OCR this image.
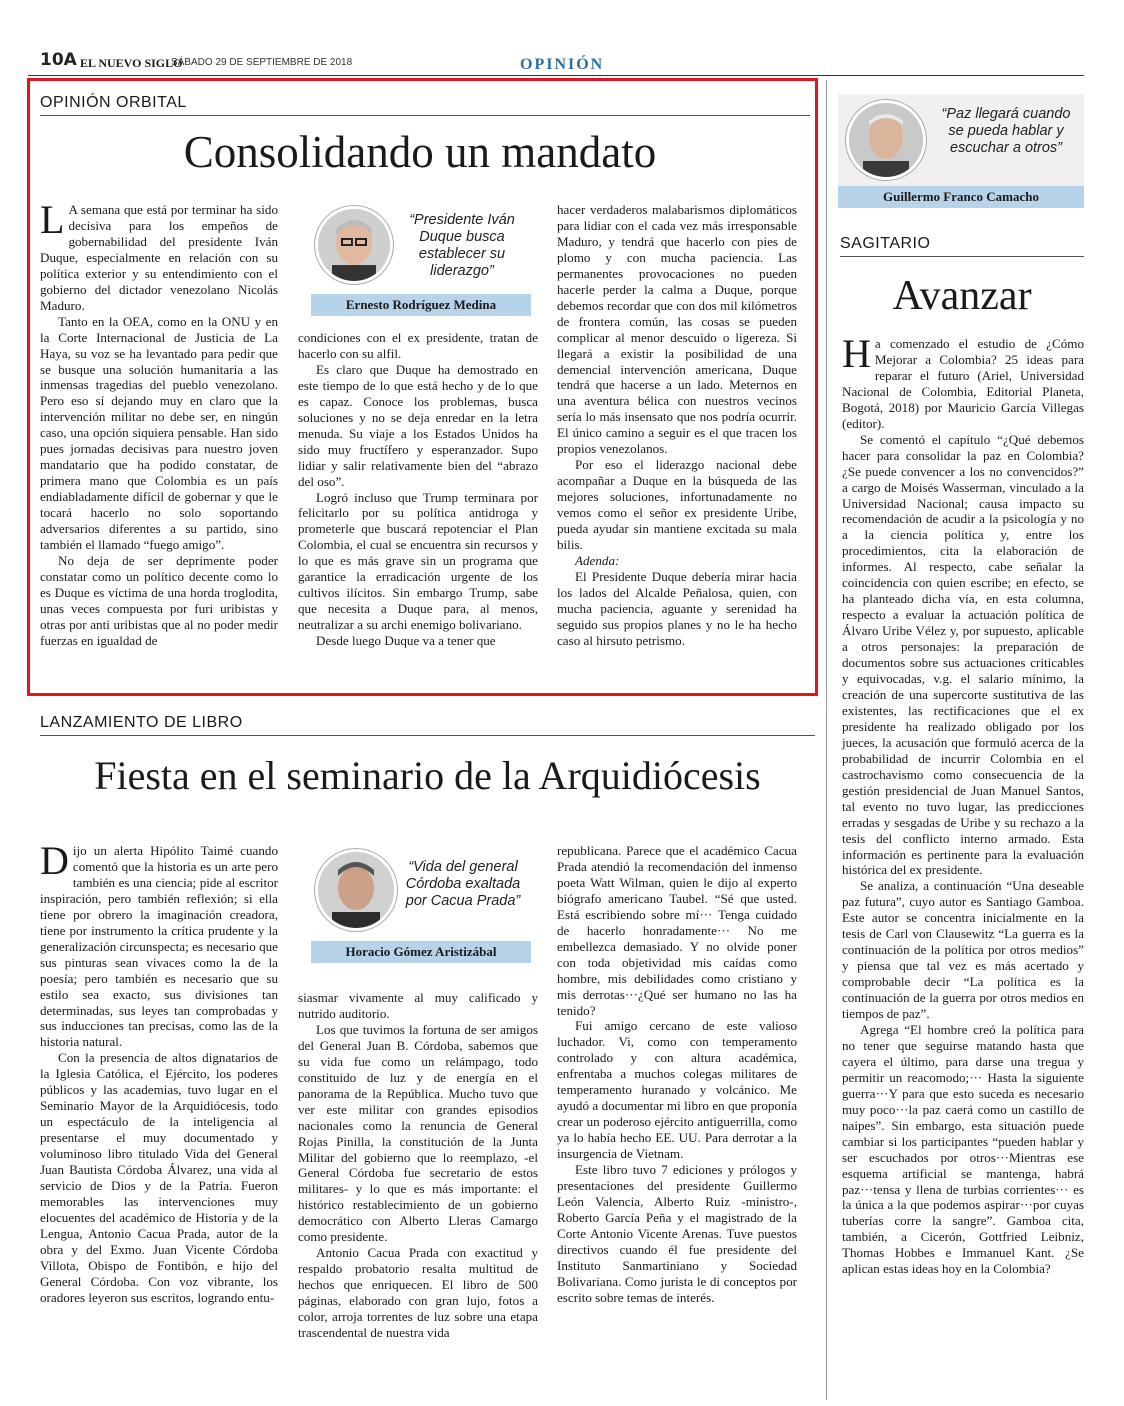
10A EL NUEVO SIGLO
SÁBADO 29 DE SEPTIEMBRE DE 2018	OPINIÓN
OPINIÓN ORBITAL
Consolidando un mandato

L A semana que está por terminar ha sido decisiva para los empeños de gobernabilidad del presidente Iván Duque, especialmente en relación con su política exterior y su entendimiento con el gobierno del dictador venezolano Nicolás Maduro.

Tanto en la OEA, como en la ONU y en la Corte Internacional de Justicia de La Haya, su voz se ha levantado para pedir que se busque una solución humanitaria a las inmensas tragedias del pueblo venezolano. Pero eso sí dejando muy en claro que la intervención militar no debe ser, en ningún caso, una opción siquiera pensable. Han sido pues jornadas decisivas para nuestro joven mandatario que ha podido constatar, de primera mano que Colombia es un país endiabladamente difícil de gobernar y que le tocará hacerlo no solo soportando adversarios diferentes a su partido, sino también el llamado “fuego amigo”.

No deja de ser deprimente poder constatar como un político decente como lo es Duque es víctima de una horda troglodita, unas veces compuesta por furi uribistas y otras por anti uribistas que al no poder medir fuerzas en igualdad de

“Presidente Iván Duque busca establecer su liderazgo”
Ernesto Rodríguez Medina

condiciones con el ex presidente, tratan de hacerlo con su alfil.

Es claro que Duque ha demostrado en este tiempo de lo que está hecho y de lo que es capaz. Conoce los problemas, busca soluciones y no se deja enredar en la letra menuda. Su viaje a los Estados Unidos ha sido muy fructífero y esperanzador. Supo lidiar y salir relativamente bien del “abrazo del oso”.

Logró incluso que Trump terminara por felicitarlo por su política antidroga y prometerle que buscará repotenciar el Plan Colombia, el cual se encuentra sin recursos y lo que es más grave sin un programa que garantice la erradicación urgente de los cultivos ilícitos. Sin embargo Trump, sabe que necesita a Duque para, al menos, neutralizar a su archi enemigo bolivariano.

Desde luego Duque va a tener que

hacer verdaderos malabarismos diplomáticos para lidiar con el cada vez más irresponsable Maduro, y tendrá que hacerlo con pies de plomo y con mucha paciencia. Las permanentes provocaciones no pueden hacerle perder la calma a Duque, porque debemos recordar que con dos mil kilómetros de frontera común, las cosas se pueden complicar al menor descuido o ligereza. Si llegará a existir la posibilidad de una demencial intervención americana, Duque tendrá que hacerse a un lado. Meternos en una aventura bélica con nuestros vecinos sería lo más insensato que nos podría ocurrir. El único camino a seguir es el que tracen los propios venezolanos.

Por eso el liderazgo nacional debe acompañar a Duque en la búsqueda de las mejores soluciones, infortunadamente no vemos como el señor ex presidente Uribe, pueda ayudar sin mantiene excitada su mala bilis.

Adenda:

El Presidente Duque debería mirar hacia los lados del Alcalde Peñalosa, quien, con mucha paciencia, aguante y serenidad ha seguido sus propios planes y no le ha hecho caso al hirsuto petrismo.

“Paz llegará cuando se pueda hablar y escuchar a otros”
Guillermo Franco Camacho
SAGITARIO
Avanzar

Ha comenzado el estudio de ¿Cómo Mejorar a Colombia? 25 ideas para reparar el futuro (Ariel, Universidad Nacional de Colombia, Editorial Planeta, Bogotá, 2018) por Mauricio García Villegas (editor).

Se comentó el capítulo “¿Qué debemos hacer para consolidar la paz en Colombia? ¿Se puede convencer a los no convencidos?” a cargo de Moisés Wasserman, vinculado a la Universidad Nacional; causa impacto su recomendación de acudir a la psicología y no a la ciencia política y, entre los procedimientos, cita la elaboración de informes. Al respecto, cabe señalar la coincidencia con quien escribe; en efecto, se ha planteado dicha vía, en esta columna, respecto a evaluar la actuación política de Álvaro Uribe Vélez y, por supuesto, aplicable a otros personajes: la preparación de documentos sobre sus actuaciones criticables y equivocadas, v.g. el salario mínimo, la creación de una supercorte sustitutiva de las existentes, las rectificaciones que el ex presidente ha realizado obligado por los jueces, la acusación que formuló acerca de la probabilidad de incurrir Colombia en el castrochavismo como consecuencia de la gestión presidencial de Juan Manuel Santos, tal evento no tuvo lugar, las predicciones erradas y sesgadas de Uribe y su rechazo a la tesis del conflicto interno armado. Esta información es pertinente para la evaluación histórica del ex presidente.

Se analiza, a continuación “Una deseable paz futura”, cuyo autor es Santiago Gamboa. Este autor se concentra inicialmente en la tesis de Carl von Clausewitz “La guerra es la continuación de la política por otros medios” y piensa que tal vez es más acertado y comprobable decir “La política es la continuación de la guerra por otros medios en tiempos de paz”.

Agrega “El hombre creó la política para no tener que seguirse matando hasta que cayera el último, para darse una tregua y permitir un reacomodo;··· Hasta la siguiente guerra···Y para que esto suceda es necesario muy poco···la paz caerá como un castillo de naipes”. Sin embargo, esta situación puede cambiar si los participantes “pueden hablar y ser escuchados por otros···Mientras ese esquema artificial se mantenga, habrá paz···tensa y llena de turbias corrientes··· es la única a la que podemos aspirar···por cuyas tuberías corre la sangre”. Gamboa cita, también, a Cicerón, Gottfried Leibniz, Thomas Hobbes e Immanuel Kant. ¿Se aplican estas ideas hoy en la Colombia?

LANZAMIENTO DE LIBRO
Fiesta en el seminario de la Arquidiócesis

Dijo un alerta Hipólito Taimé cuando comentó que la historia es un arte pero también es una ciencia; pide al escritor inspiración, pero también reflexión; si ella tiene por obrero la imaginación creadora, tiene por instrumento la crítica prudente y la generalización circunspecta; es necesario que sus pinturas sean vivaces como la de la poesía; pero también es necesario que su estilo sea exacto, sus divisiones tan determinadas, sus leyes tan comprobadas y sus inducciones tan precisas, como las de la historia natural.

Con la presencia de altos dignatarios de la Iglesia Católica, el Ejército, los poderes públicos y las academias, tuvo lugar en el Seminario Mayor de la Arquidiócesis, todo un espectáculo de la inteligencia al presentarse el muy documentado y voluminoso libro titulado Vida del General Juan Bautista Córdoba Álvarez, una vida al servicio de Dios y de la Patria. Fueron memorables las intervenciones muy elocuentes del académico de Historia y de la Lengua, Antonio Cacua Prada, autor de la obra y del Exmo. Juan Vicente Córdoba Villota, Obispo de Fontibón, e hijo del General Córdoba. Con voz vibrante, los oradores leyeron sus escritos, logrando entu-

“Vida del general Córdoba exaltada por Cacua Prada”
Horacio Gómez Aristizábal

siasmar vivamente al muy calificado y nutrido auditorio.

Los que tuvimos la fortuna de ser amigos del General Juan B. Córdoba, sabemos que su vida fue como un relámpago, todo constituido de luz y de energía en el panorama de la República. Mucho tuvo que ver este militar con grandes episodios nacionales como la renuncia de General Rojas Pinilla, la constitución de la Junta Militar del gobierno que lo reemplazo, -el General Córdoba fue secretario de estos militares- y lo que es más importante: el histórico restablecimiento de un gobierno democrático con Alberto Lleras Camargo como presidente.

Antonio Cacua Prada con exactitud y respaldo probatorio resalta multitud de hechos que enriquecen. El libro de 500 páginas, elaborado con gran lujo, fotos a color, arroja torrentes de luz sobre una etapa trascendental de nuestra vida

republicana. Parece que el académico Cacua Prada atendió la recomendación del inmenso poeta Watt Wilman, quien le dijo al experto biógrafo americano Taubel. “Sé que usted. Está escribiendo sobre mí··· Tenga cuidado de hacerlo honradamente··· No me embellezca demasiado. Y no olvide poner con toda objetividad mis caídas como hombre, mis debilidades como cristiano y mis derrotas···¿Qué ser humano no las ha tenido?

Fui amigo cercano de este valioso luchador. Vi, como con temperamento controlado y con altura académica, enfrentaba a muchos colegas militares de temperamento huranado y volcánico. Me ayudó a documentar mi libro en que proponía crear un poderoso ejército antiguerrilla, como ya lo había hecho EE. UU. Para derrotar a la insurgencia de Vietnam.

Este libro tuvo 7 ediciones y prólogos y presentaciones del presidente Guillermo León Valencia, Alberto Ruiz -ministro-, Roberto García Peña y el magistrado de la Corte Antonio Vicente Arenas. Tuve puestos directivos cuando él fue presidente del Instituto Sanmartiniano y Sociedad Bolivariana. Como jurista le di conceptos por escrito sobre temas de interés.
